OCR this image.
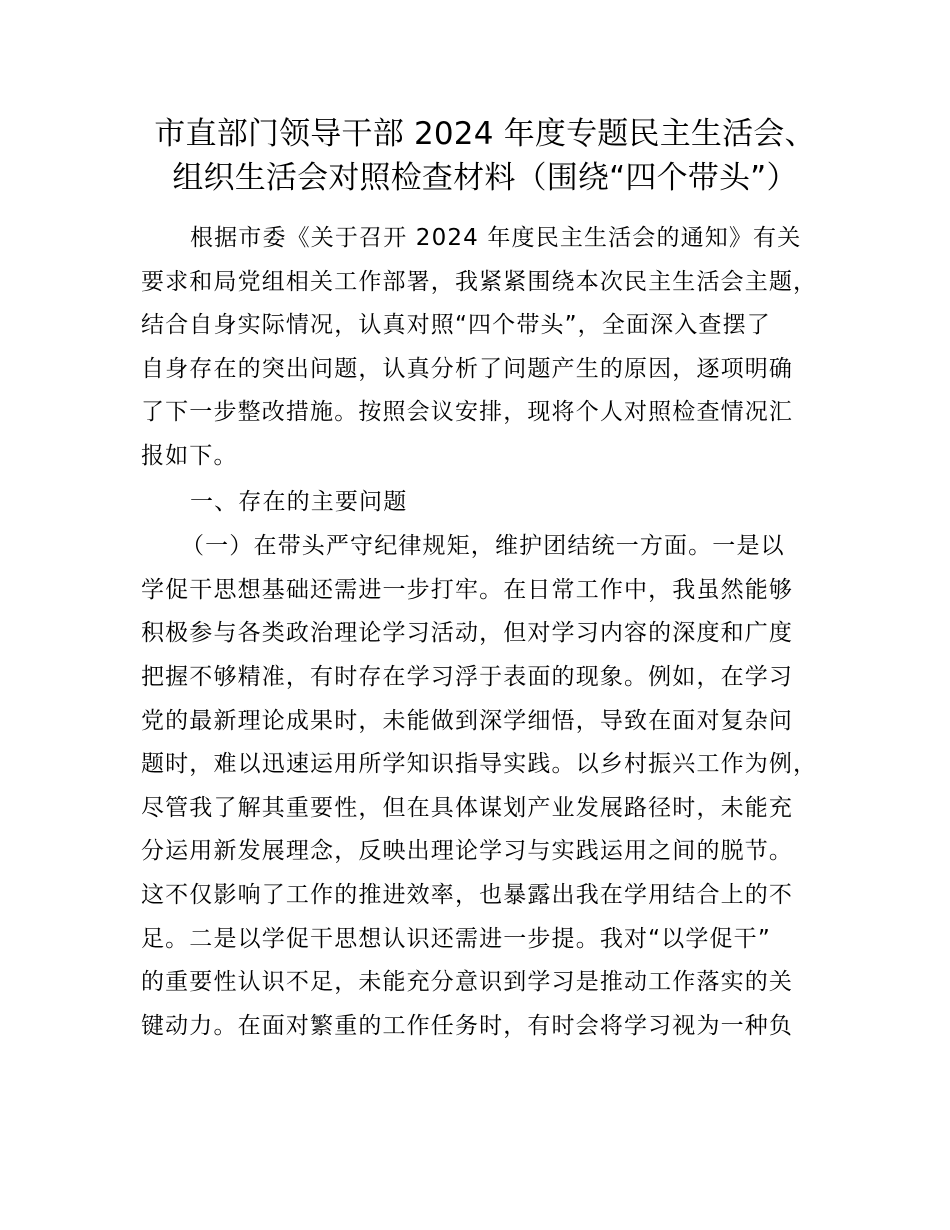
市直部门领导干部 2024 年度专题民主生活会、
组织生活会对照检查材料（围绕“四个带头”）
根据市委《关于召开 2024 年度民主生活会的通知》有关
要求和局党组相关工作部署，我紧紧围绕本次民主生活会主题，
结合自身实际情况，认真对照“四个带头”，全面深入查摆了
自身存在的突出问题，认真分析了问题产生的原因，逐项明确
了下一步整改措施。按照会议安排，现将个人对照检查情况汇
报如下。
一、存在的主要问题
（一）在带头严守纪律规矩，维护团结统一方面。一是以
学促干思想基础还需进一步打牢。在日常工作中，我虽然能够
积极参与各类政治理论学习活动，但对学习内容的深度和广度
把握不够精准，有时存在学习浮于表面的现象。例如，在学习
党的最新理论成果时，未能做到深学细悟，导致在面对复杂问
题时，难以迅速运用所学知识指导实践。以乡村振兴工作为例，
尽管我了解其重要性，但在具体谋划产业发展路径时，未能充
分运用新发展理念，反映出理论学习与实践运用之间的脱节。
这不仅影响了工作的推进效率，也暴露出我在学用结合上的不
足。二是以学促干思想认识还需进一步提。我对“以学促干”
的重要性认识不足，未能充分意识到学习是推动工作落实的关
键动力。在面对繁重的工作任务时，有时会将学习视为一种负
